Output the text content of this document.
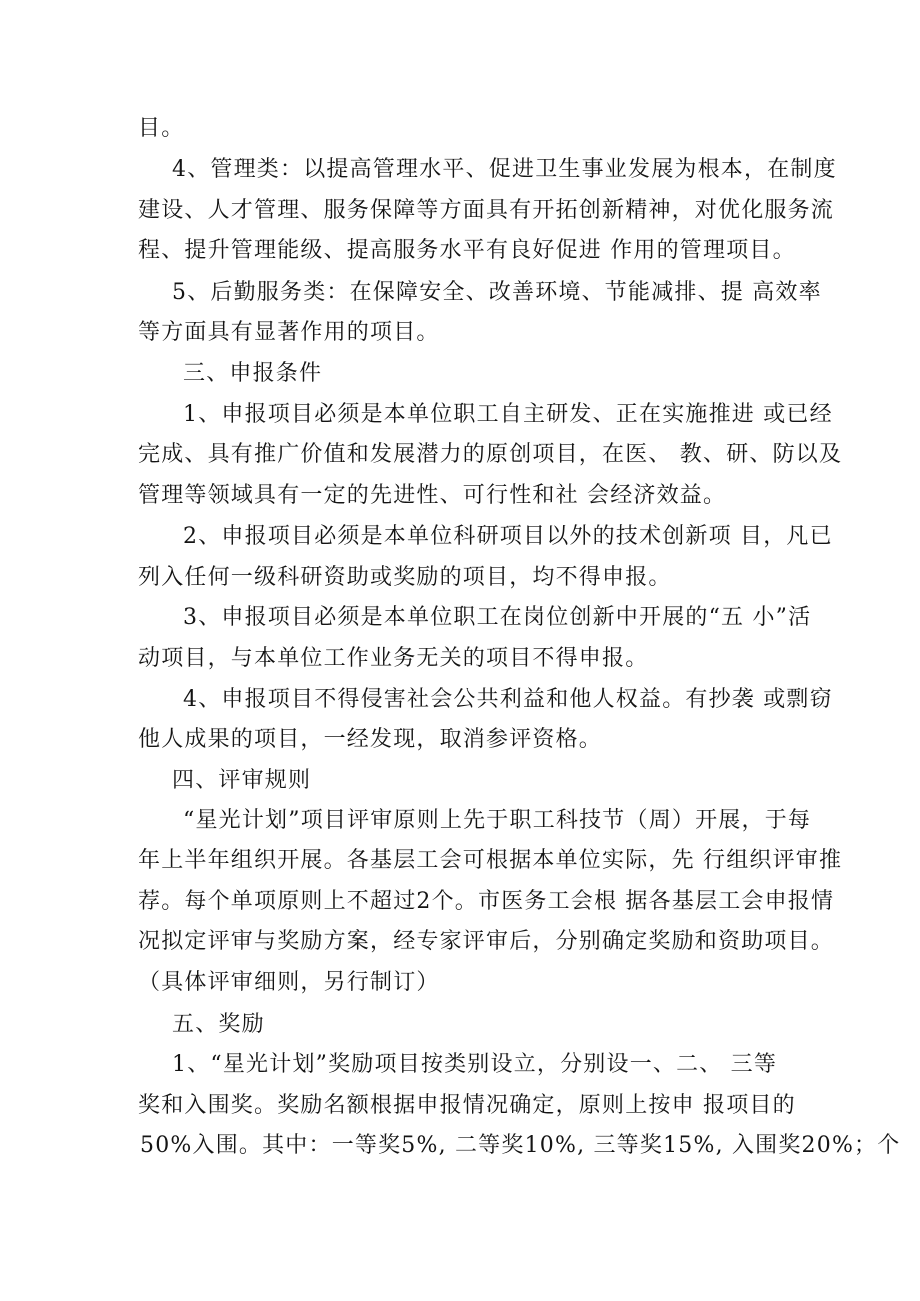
目。
4、管理类：以提高管理水平、促进卫生事业发展为根本，在制度
建设、人才管理、服务保障等方面具有开拓创新精神，对优化服务流
程、提升管理能级、提高服务水平有良好促进 作用的管理项目。
5、后勤服务类：在保障安全、改善环境、节能减排、提 高效率
等方面具有显著作用的项目。
三、申报条件
1、申报项目必须是本单位职工自主研发、正在实施推进 或已经
完成、具有推广价值和发展潜力的原创项目，在医、 教、研、防以及
管理等领域具有一定的先进性、可行性和社 会经济效益。
2、申报项目必须是本单位科研项目以外的技术创新项 目，凡已
列入任何一级科研资助或奖励的项目，均不得申报。
3、申报项目必须是本单位职工在岗位创新中开展的“五 小”活
动项目，与本单位工作业务无关的项目不得申报。
4、申报项目不得侵害社会公共利益和他人权益。有抄袭 或剽窃
他人成果的项目，一经发现，取消参评资格。
四、评审规则
“星光计划”项目评审原则上先于职工科技节（周）开展，于每
年上半年组织开展。各基层工会可根据本单位实际，先 行组织评审推
荐。每个单项原则上不超过2个。市医务工会根 据各基层工会申报情
况拟定评审与奖励方案，经专家评审后，分别确定奖励和资助项目。
（具体评审细则，另行制订）
五、奖励
1、“星光计划”奖励项目按类别设立，分别设一、二、 三等
奖和入围奖。奖励名额根据申报情况确定，原则上按申 报项目的
50%入围。其中：一等奖5%, 二等奖10%, 三等奖15%, 入围奖20%；个
